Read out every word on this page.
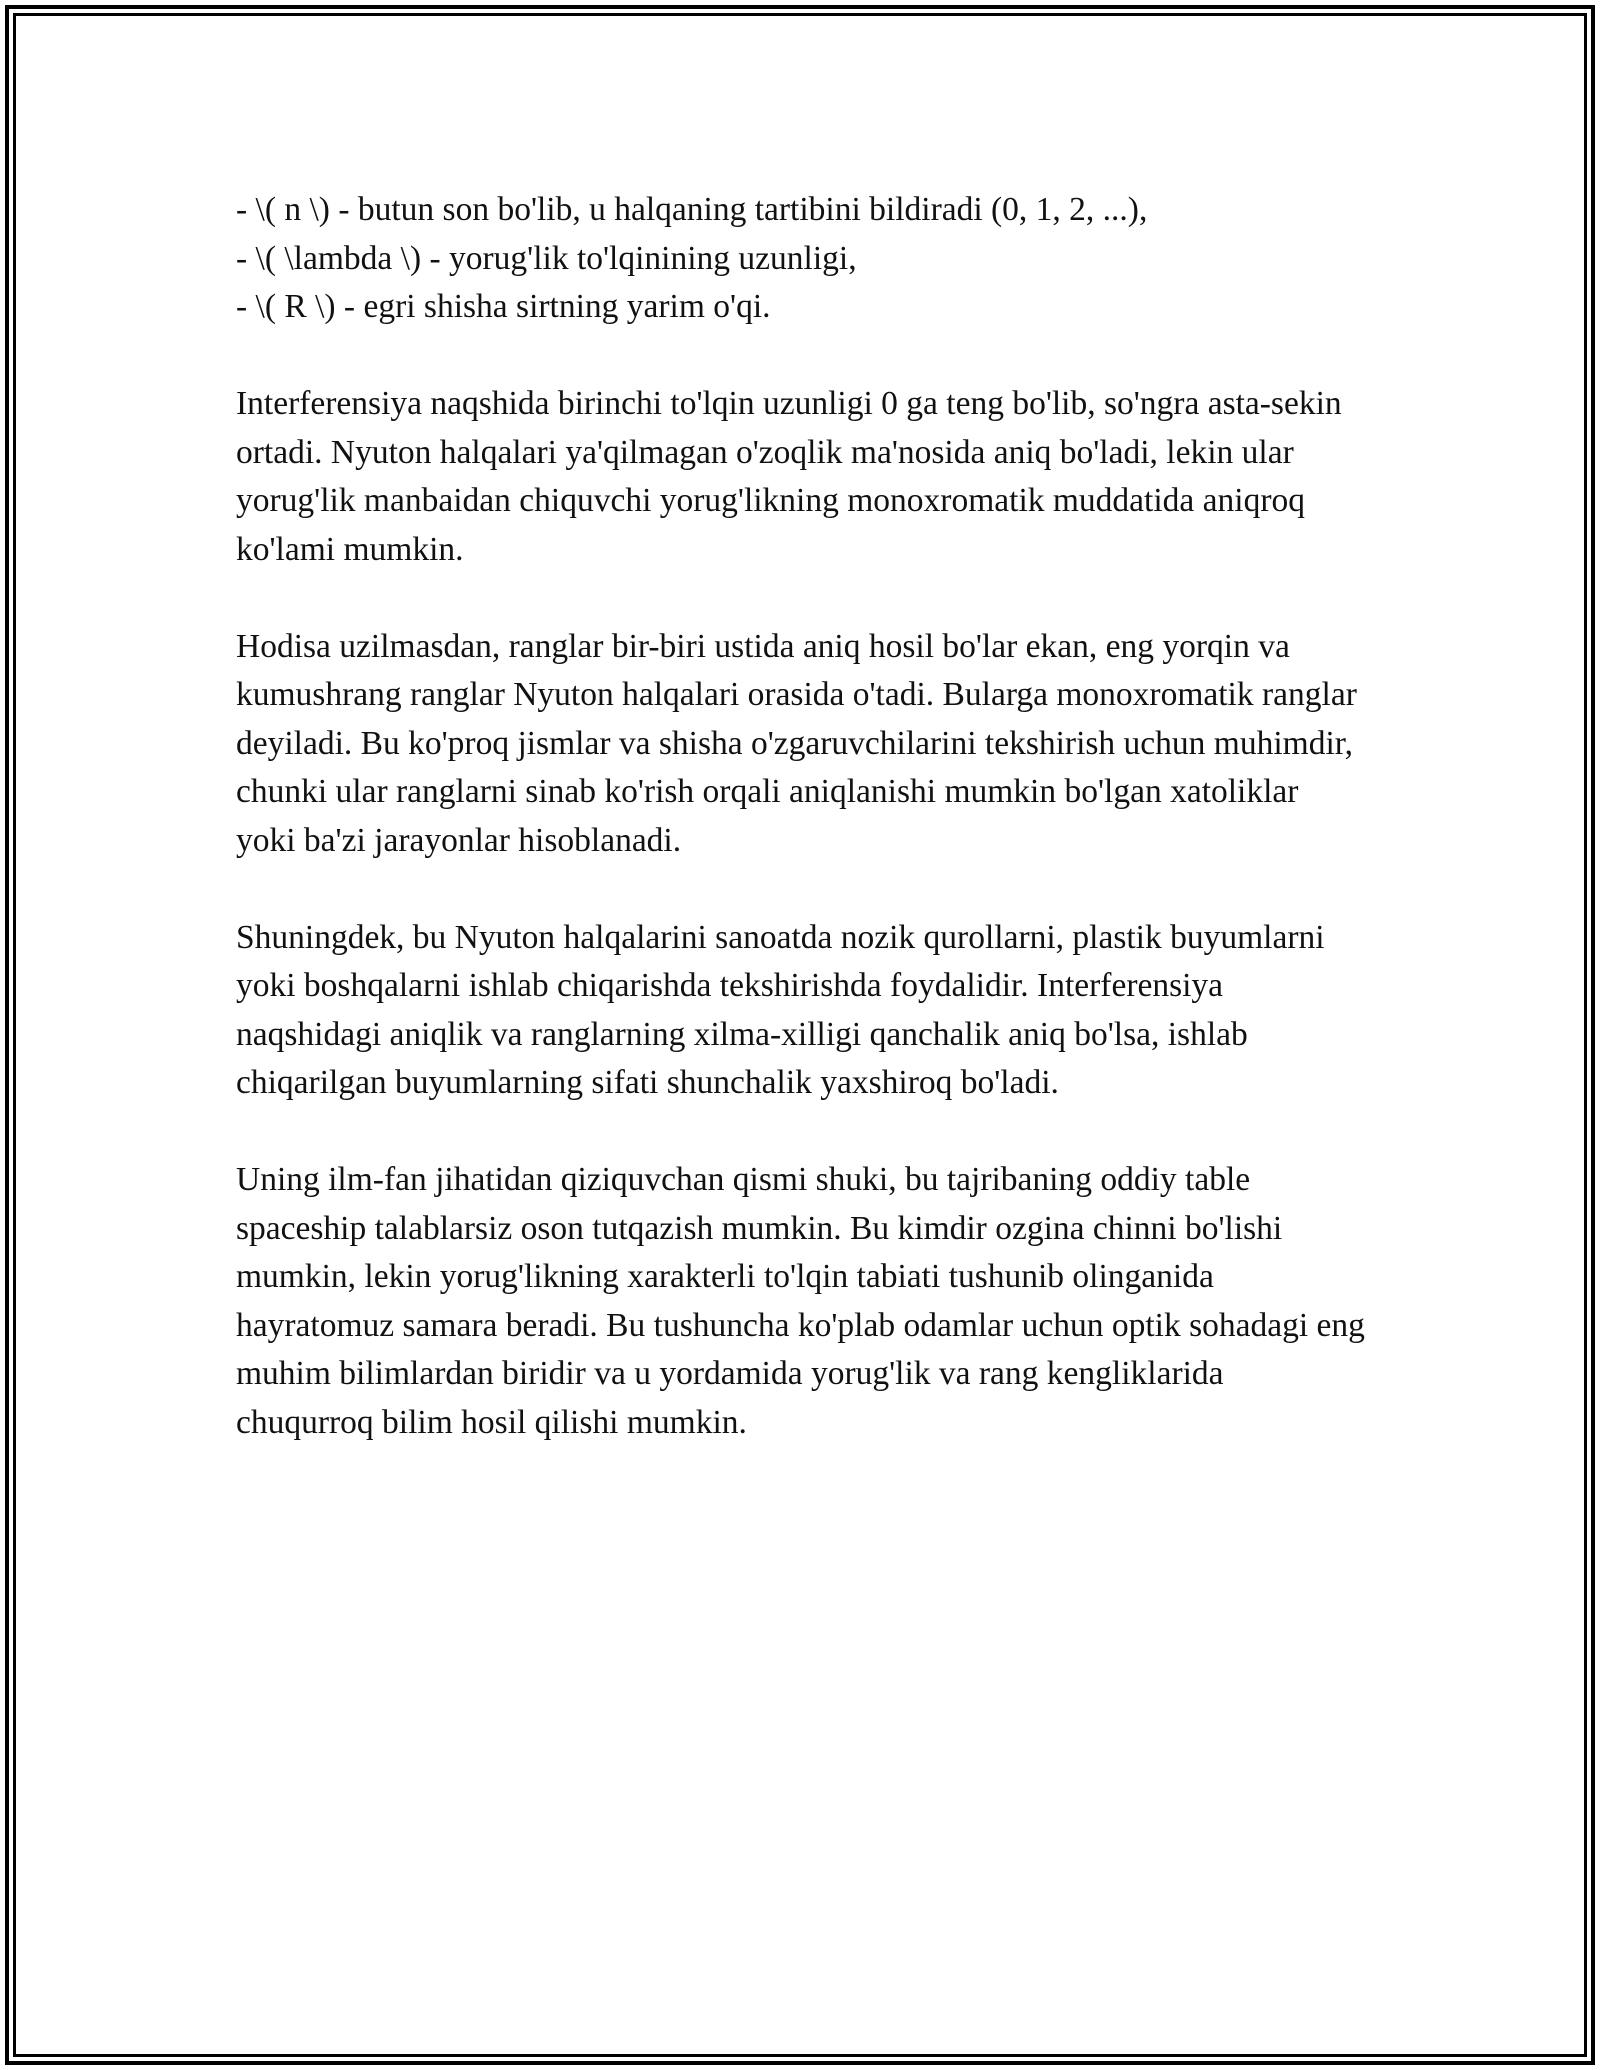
- \( n \) - butun son bo'lib, u halqaning tartibini bildiradi (0, 1, 2, ...),
- \( \lambda \) - yorug'lik to'lqinining uzunligi,
- \( R \) - egri shisha sirtning yarim o'qi.

Interferensiya naqshida birinchi to'lqin uzunligi 0 ga teng bo'lib, so'ngra asta-sekin ortadi. Nyuton halqalari ya'qilmagan o'zoqlik ma'nosida aniq bo'ladi, lekin ular yorug'lik manbaidan chiquvchi yorug'likning monoxromatik muddatida aniqroq ko'lami mumkin.

Hodisa uzilmasdan, ranglar bir-biri ustida aniq hosil bo'lar ekan, eng yorqin va kumushrang ranglar Nyuton halqalari orasida o'tadi. Bularga monoxromatik ranglar deyiladi. Bu ko'proq jismlar va shisha o'zgaruvchilarini tekshirish uchun muhimdir, chunki ular ranglarni sinab ko'rish orqali aniqlanishi mumkin bo'lgan xatoliklar yoki ba'zi jarayonlar hisoblanadi.

Shuningdek, bu Nyuton halqalarini sanoatda nozik qurollarni, plastik buyumlarni yoki boshqalarni ishlab chiqarishda tekshirishda foydalidir. Interferensiya naqshidagi aniqlik va ranglarning xilma-xilligi qanchalik aniq bo'lsa, ishlab chiqarilgan buyumlarning sifati shunchalik yaxshiroq bo'ladi.

Uning ilm-fan jihatidan qiziquvchan qismi shuki, bu tajribaning oddiy table spaceship talablarsiz oson tutqazish mumkin. Bu kimdir ozgina chinni bo'lishi mumkin, lekin yorug'likning xarakterli to'lqin tabiati tushunib olinganida hayratomuz samara beradi. Bu tushuncha ko'plab odamlar uchun optik sohadagi eng muhim bilimlardan biridir va u yordamida yorug'lik va rang kengliklarida chuqurroq bilim hosil qilishi mumkin.
